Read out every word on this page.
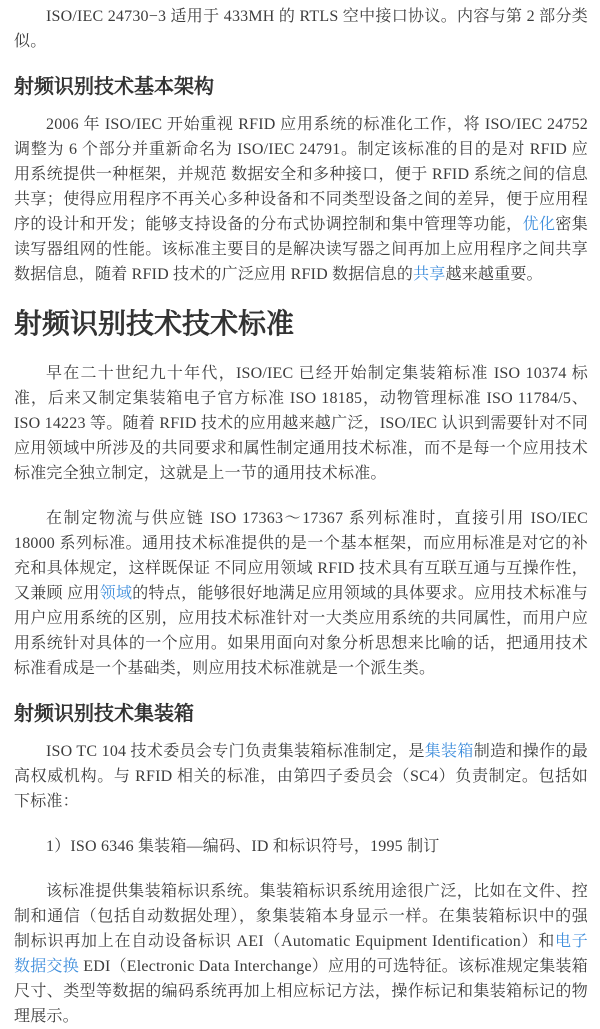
ISO/IEC 24730−3 适用于 433MH 的 RTLS 空中接口协议。内容与第 2 部分类似。

射频识别技术基本架构

2006 年 ISO/IEC 开始重视 RFID 应用系统的标准化工作，将 ISO/IEC 24752 调整为 6 个部分并重新命名为 ISO/IEC 24791。制定该标准的目的是对 RFID 应用系统提供一种框架，并规范 数据安全和多种接口，便于 RFID 系统之间的信息共享；使得应用程序不再关心多种设备和不同类型设备之间的差异，便于应用程序的设计和开发；能够支持设备的分布式协调控制和集中管理等功能，优化密集读写器组网的性能。该标准主要目的是解决读写器之间再加上应用程序之间共享数据信息，随着 RFID 技术的广泛应用 RFID 数据信息的共享越来越重要。

射频识别技术技术标准

早在二十世纪九十年代，ISO/IEC 已经开始制定集装箱标准 ISO 10374 标准，后来又制定集装箱电子官方标准 ISO 18185，动物管理标准 ISO 11784/5、ISO 14223 等。随着 RFID 技术的应用越来越广泛，ISO/IEC 认识到需要针对不同应用领域中所涉及的共同要求和属性制定通用技术标准，而不是每一个应用技术标准完全独立制定，这就是上一节的通用技术标准。

在制定物流与供应链 ISO 17363～17367 系列标准时，直接引用 ISO/IEC 18000 系列标准。通用技术标准提供的是一个基本框架，而应用标准是对它的补充和具体规定，这样既保证 不同应用领域 RFID 技术具有互联互通与互操作性，又兼顾 应用领域的特点，能够很好地满足应用领域的具体要求。应用技术标准与用户应用系统的区别，应用技术标准针对一大类应用系统的共同属性，而用户应用系统针对具体的一个应用。如果用面向对象分析思想来比喻的话，把通用技术标准看成是一个基础类，则应用技术标准就是一个派生类。

射频识别技术集装箱

ISO TC 104 技术委员会专门负责集装箱标准制定，是集装箱制造和操作的最高权威机构。与 RFID 相关的标准，由第四子委员会（SC4）负责制定。包括如下标准：

1）ISO 6346 集装箱—编码、ID 和标识符号，1995 制订

该标准提供集装箱标识系统。集装箱标识系统用途很广泛，比如在文件、控制和通信（包括自动数据处理），象集装箱本身显示一样。在集装箱标识中的强制标识再加上在自动设备标识 AEI（Automatic Equipment Identification）和电子数据交换 EDI（Electronic Data Interchange）应用的可选特征。该标准规定集装箱尺寸、类型等数据的编码系统再加上相应标记方法，操作标记和集装箱标记的物理展示。
